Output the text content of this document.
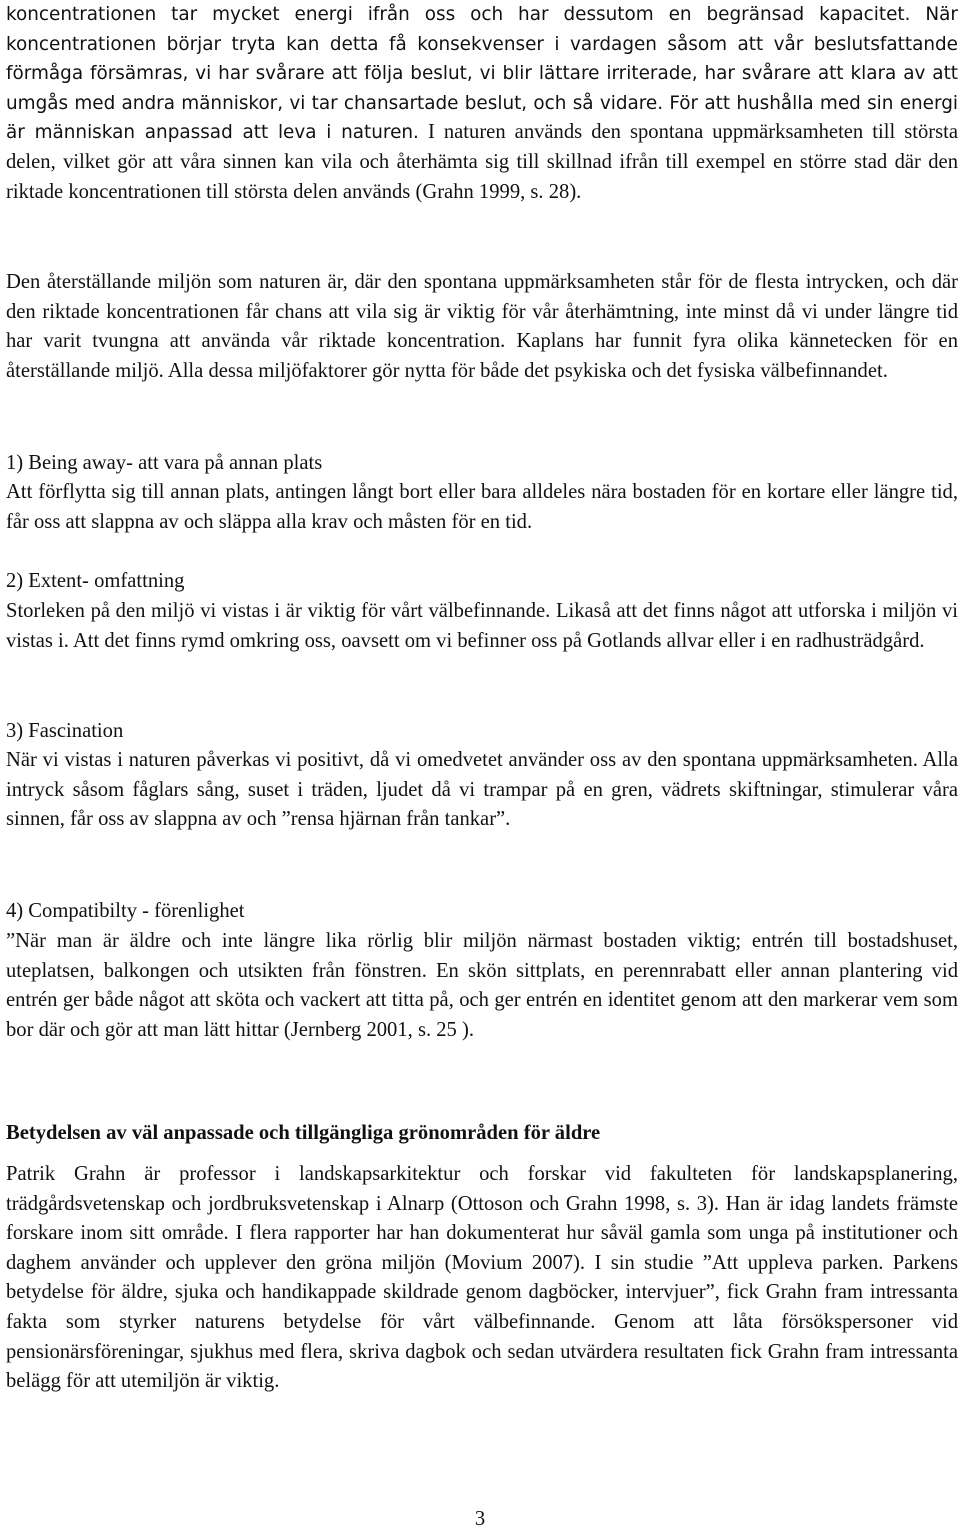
koncentrationen tar mycket energi ifrån oss och har dessutom en begränsad kapacitet. När koncentrationen börjar tryta kan detta få konsekvenser i vardagen såsom att vår beslutsfattande förmåga försämras, vi har svårare att följa beslut, vi blir lättare irriterade, har svårare att klara av att umgås med andra människor, vi tar chansartade beslut, och så vidare. För att hushålla med sin energi är människan anpassad att leva i naturen. I naturen används den spontana uppmärksamheten till största delen, vilket gör att våra sinnen kan vila och återhämta sig till skillnad ifrån till exempel en större stad där den riktade koncentrationen till största delen används (Grahn 1999, s. 28).

Den återställande miljön som naturen är, där den spontana uppmärksamheten står för de flesta intrycken, och där den riktade koncentrationen får chans att vila sig är viktig för vår återhämtning, inte minst då vi under längre tid har varit tvungna att använda vår riktade koncentration. Kaplans har funnit fyra olika kännetecken för en återställande miljö. Alla dessa miljöfaktorer gör nytta för både det psykiska och det fysiska välbefinnandet.

1) Being away- att vara på annan plats

Att förflytta sig till annan plats, antingen långt bort eller bara alldeles nära bostaden för en kortare eller längre tid, får oss att slappna av och släppa alla krav och måsten för en tid.

2) Extent- omfattning

Storleken på den miljö vi vistas i är viktig för vårt välbefinnande. Likaså att det finns något att utforska i miljön vi vistas i. Att det finns rymd omkring oss, oavsett om vi befinner oss på Gotlands allvar eller i en radhusträdgård.

3) Fascination

När vi vistas i naturen påverkas vi positivt, då vi omedvetet använder oss av den spontana uppmärksamheten. Alla intryck såsom fåglars sång, suset i träden, ljudet då vi trampar på en gren, vädrets skiftningar, stimulerar våra sinnen, får oss av slappna av och ”rensa hjärnan från tankar”.

4) Compatibilty - förenlighet

”När man är äldre och inte längre lika rörlig blir miljön närmast bostaden viktig; entrén till bostadshuset, uteplatsen, balkongen och utsikten från fönstren. En skön sittplats, en perennrabatt eller annan plantering vid entrén ger både något att sköta och vackert att titta på, och ger entrén en identitet genom att den markerar vem som bor där och gör att man lätt hittar (Jernberg 2001, s. 25 ).

Betydelsen av väl anpassade och tillgängliga grönområden för äldre

Patrik Grahn är professor i landskapsarkitektur och forskar vid fakulteten för landskapsplanering, trädgårdsvetenskap och jordbruksvetenskap i Alnarp (Ottoson och Grahn 1998, s. 3). Han är idag landets främste forskare inom sitt område. I flera rapporter har han dokumenterat hur såväl gamla som unga på institutioner och daghem använder och upplever den gröna miljön (Movium 2007). I sin studie ”Att uppleva parken. Parkens betydelse för äldre, sjuka och handikappade skildrade genom dagböcker, intervjuer”, fick Grahn fram intressanta fakta som styrker naturens betydelse för vårt välbefinnande. Genom att låta försökspersoner vid pensionärsföreningar, sjukhus med flera, skriva dagbok och sedan utvärdera resultaten fick Grahn fram intressanta belägg för att utemiljön är viktig.

3
